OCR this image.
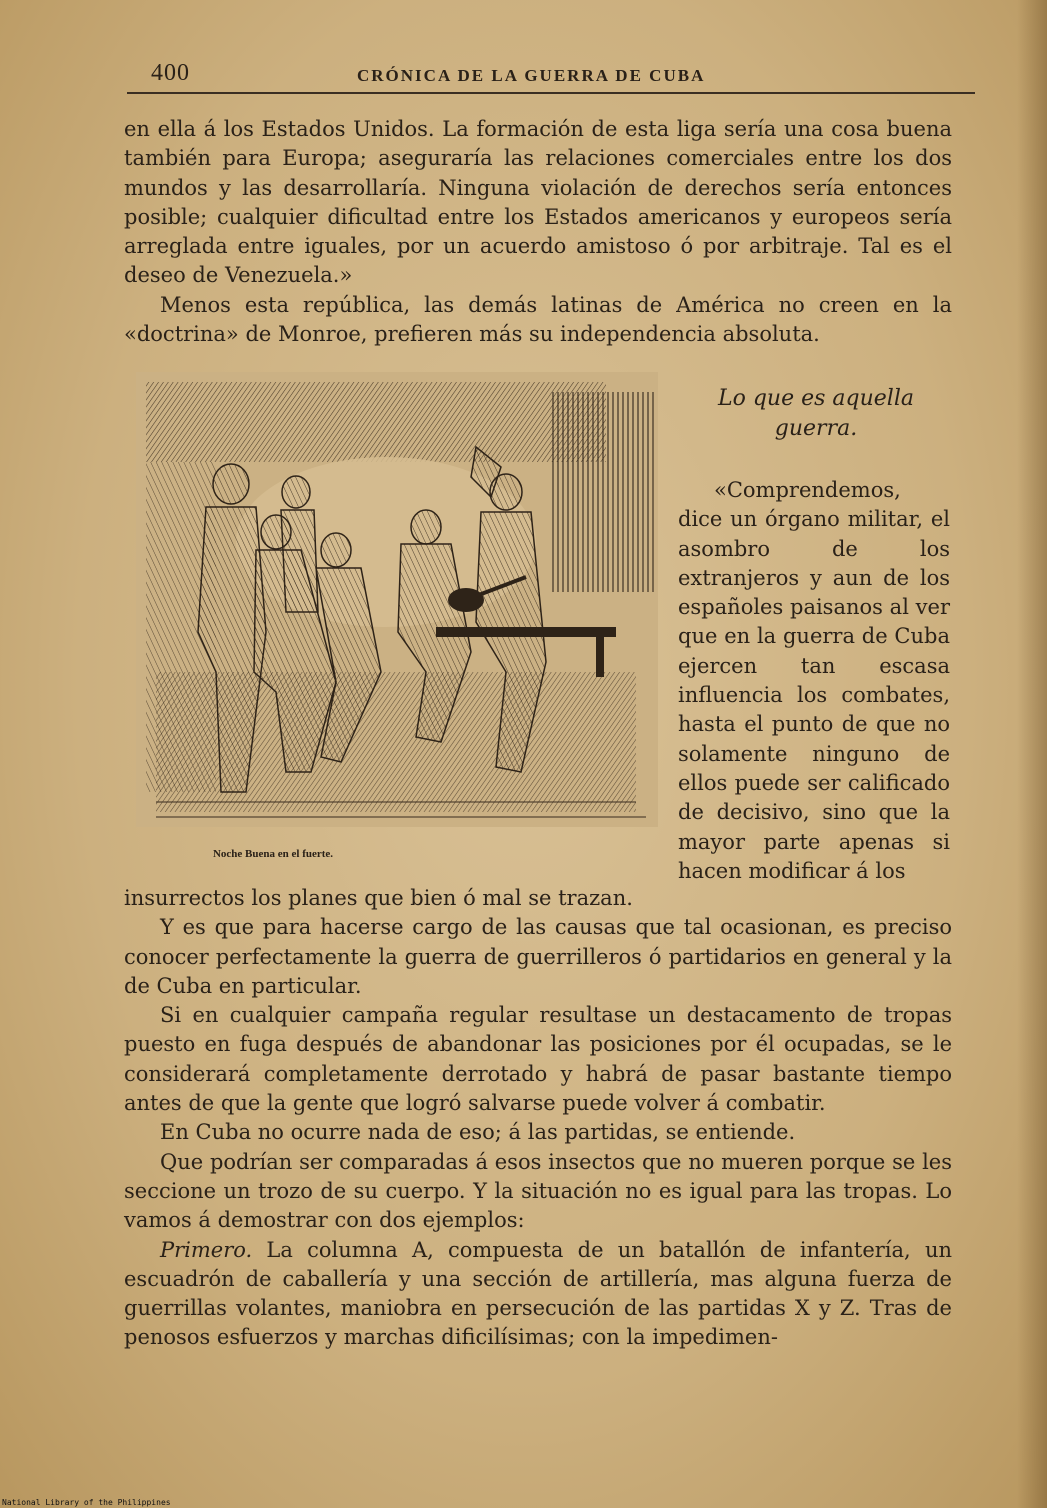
400	CRÓNICA DE LA GUERRA DE CUBA

en ella á los Estados Unidos. La formación de esta liga sería una cosa buena también para Europa; aseguraría las relaciones comerciales entre los dos mundos y las desarrollaría. Ninguna violación de derechos sería entonces posible; cualquier dificultad entre los Estados americanos y europeos sería arreglada entre iguales, por un acuerdo amistoso ó por arbitraje. Tal es el deseo de Venezuela.»

Menos esta república, las demás latinas de América no creen en la «doctrina» de Monroe, prefieren más su independencia absoluta.

Noche Buena en el fuerte.
Lo que es aquella guerra.

«Comprendemos, dice un órgano militar, el asombro de los extranjeros y aun de los españoles paisanos al ver que en la guerra de Cuba ejercen tan escasa influencia los combates, hasta el punto de que no solamente ninguno de ellos puede ser calificado de decisivo, sino que la mayor parte apenas si hacen modificar á los

insurrectos los planes que bien ó mal se trazan.

Y es que para hacerse cargo de las causas que tal ocasionan, es preciso conocer perfectamente la guerra de guerrilleros ó partidarios en general y la de Cuba en particular.

Si en cualquier campaña regular resultase un destacamento de tropas puesto en fuga después de abandonar las posiciones por él ocupadas, se le considerará completamente derrotado y habrá de pasar bastante tiempo antes de que la gente que logró salvarse puede volver á combatir.

En Cuba no ocurre nada de eso; á las partidas, se entiende.

Que podrían ser comparadas á esos insectos que no mueren porque se les seccione un trozo de su cuerpo. Y la situación no es igual para las tropas. Lo vamos á demostrar con dos ejemplos:

Primero. La columna A, compuesta de un batallón de infantería, un escuadrón de caballería y una sección de artillería, mas alguna fuerza de guerrillas volantes, maniobra en persecución de las partidas X y Z. Tras de penosos esfuerzos y marchas dificilísimas; con la impedimen-

National Library of the Philippines
